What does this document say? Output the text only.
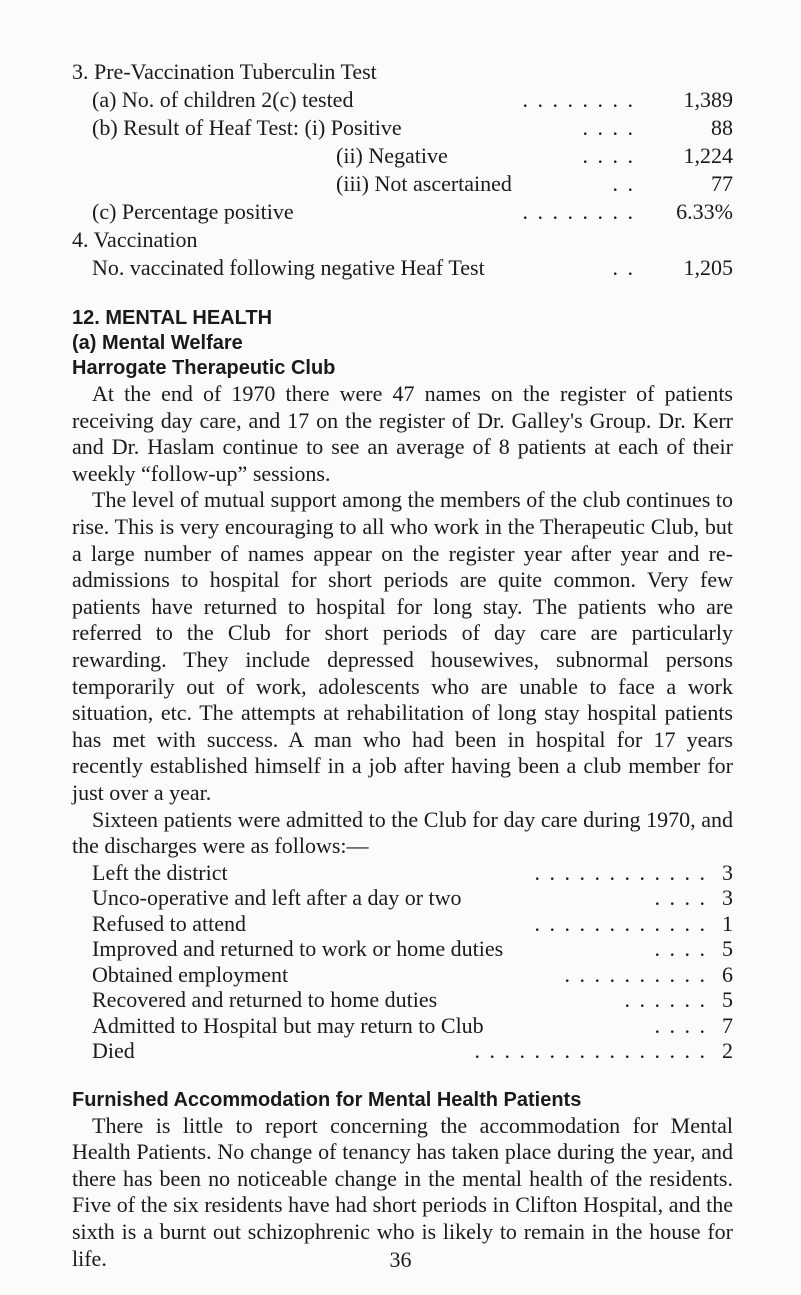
3. Pre-Vaccination Tuberculin Test
(a) No. of children 2(c) tested	. . . . . . . .	1,389
(b) Result of Heaf Test: (i) Positive	. . . .	88
(ii) Negative	. . . .	1,224
(iii) Not ascertained	. .	77
(c) Percentage positive	. . . . . . . .	6.33%
4. Vaccination
No. vaccinated following negative Heaf Test	. .	1,205
12. MENTAL HEALTH
(a) Mental Welfare
Harrogate Therapeutic Club

At the end of 1970 there were 47 names on the register of patients receiving day care, and 17 on the register of Dr. Galley's Group. Dr. Kerr and Dr. Haslam continue to see an average of 8 patients at each of their weekly “follow-up” sessions.

The level of mutual support among the members of the club continues to rise. This is very encouraging to all who work in the Therapeutic Club, but a large number of names appear on the register year after year and re-admissions to hospital for short periods are quite common. Very few patients have returned to hospital for long stay. The patients who are referred to the Club for short periods of day care are particularly rewarding. They include depressed housewives, subnormal persons temporarily out of work, adolescents who are unable to face a work situation, etc. The attempts at rehabilitation of long stay hospital patients has met with success. A man who had been in hospital for 17 years recently established himself in a job after having been a club member for just over a year.

Sixteen patients were admitted to the Club for day care during 1970, and the discharges were as follows:—

Left the district	. . . . . . . . . . . . 3
Unco-operative and left after a day or two	. . . . 3
Refused to attend	. . . . . . . . . . . . 1
Improved and returned to work or home duties	. . . . 5
Obtained employment	. . . . . . . . . . 6
Recovered and returned to home duties	. . . . . . 5
Admitted to Hospital but may return to Club	. . . . 7
Died	. . . . . . . . . . . . . . . . 2
Furnished Accommodation for Mental Health Patients

There is little to report concerning the accommodation for Mental Health Patients. No change of tenancy has taken place during the year, and there has been no noticeable change in the mental health of the residents. Five of the six residents have had short periods in Clifton Hospital, and the sixth is a burnt out schizophrenic who is likely to remain in the house for life.	36
